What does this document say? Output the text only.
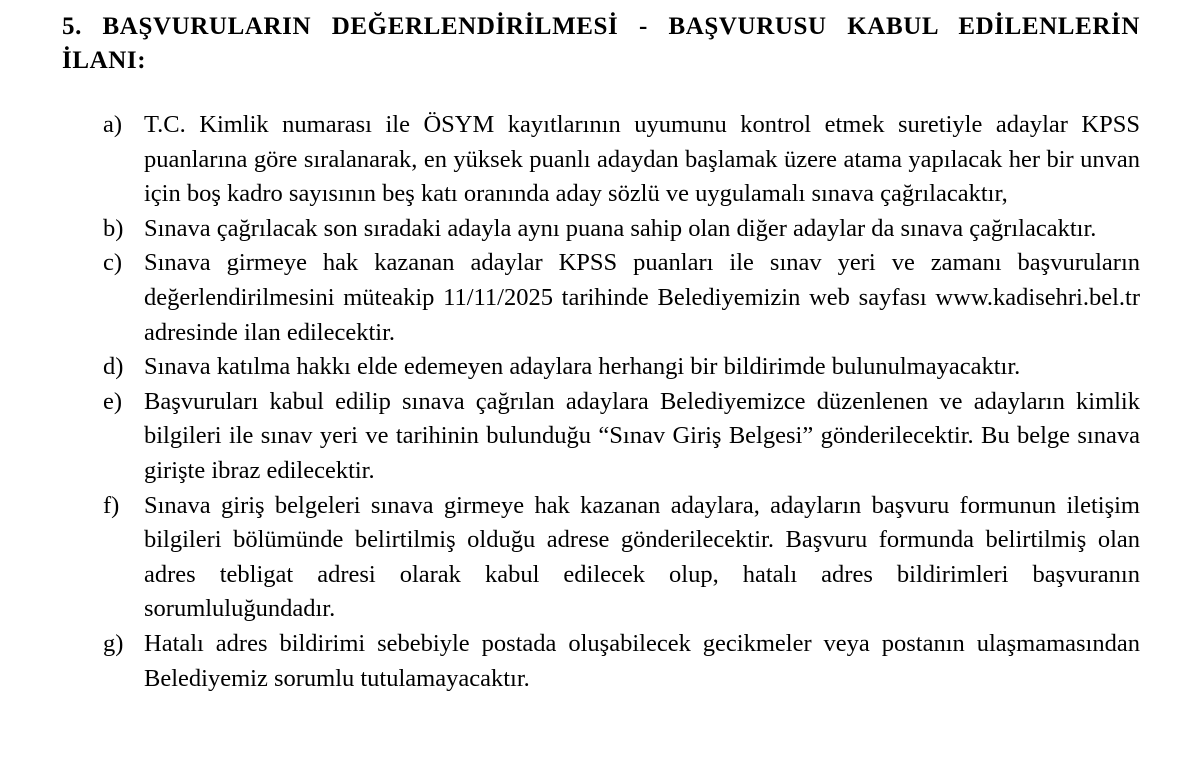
5. BAŞVURULARIN DEĞERLENDİRİLMESİ - BAŞVURUSU KABUL EDİLENLERİN İLANI:
a) T.C. Kimlik numarası ile ÖSYM kayıtlarının uyumunu kontrol etmek suretiyle adaylar KPSS puanlarına göre sıralanarak, en yüksek puanlı adaydan başlamak üzere atama yapılacak her bir unvan için boş kadro sayısının beş katı oranında aday sözlü ve uygulamalı sınava çağrılacaktır,
b) Sınava çağrılacak son sıradaki adayla aynı puana sahip olan diğer adaylar da sınava çağrılacaktır.
c) Sınava girmeye hak kazanan adaylar KPSS puanları ile sınav yeri ve zamanı başvuruların değerlendirilmesini müteakip 11/11/2025 tarihinde Belediyemizin web sayfası www.kadisehri.bel.tr adresinde ilan edilecektir.
d) Sınava katılma hakkı elde edemeyen adaylara herhangi bir bildirimde bulunulmayacaktır.
e) Başvuruları kabul edilip sınava çağrılan adaylara Belediyemizce düzenlenen ve adayların kimlik bilgileri ile sınav yeri ve tarihinin bulunduğu “Sınav Giriş Belgesi” gönderilecektir. Bu belge sınava girişte ibraz edilecektir.
f)	Sınava giriş belgeleri sınava girmeye hak kazanan adaylara, adayların başvuru formunun iletişim bilgileri bölümünde belirtilmiş olduğu adrese gönderilecektir. Başvuru formunda belirtilmiş olan adres tebligat adresi olarak kabul edilecek olup, hatalı adres bildirimleri başvuranın sorumluluğundadır.
g) Hatalı adres bildirimi sebebiyle postada oluşabilecek gecikmeler veya postanın ulaşmamasından Belediyemiz sorumlu tutulamayacaktır.
